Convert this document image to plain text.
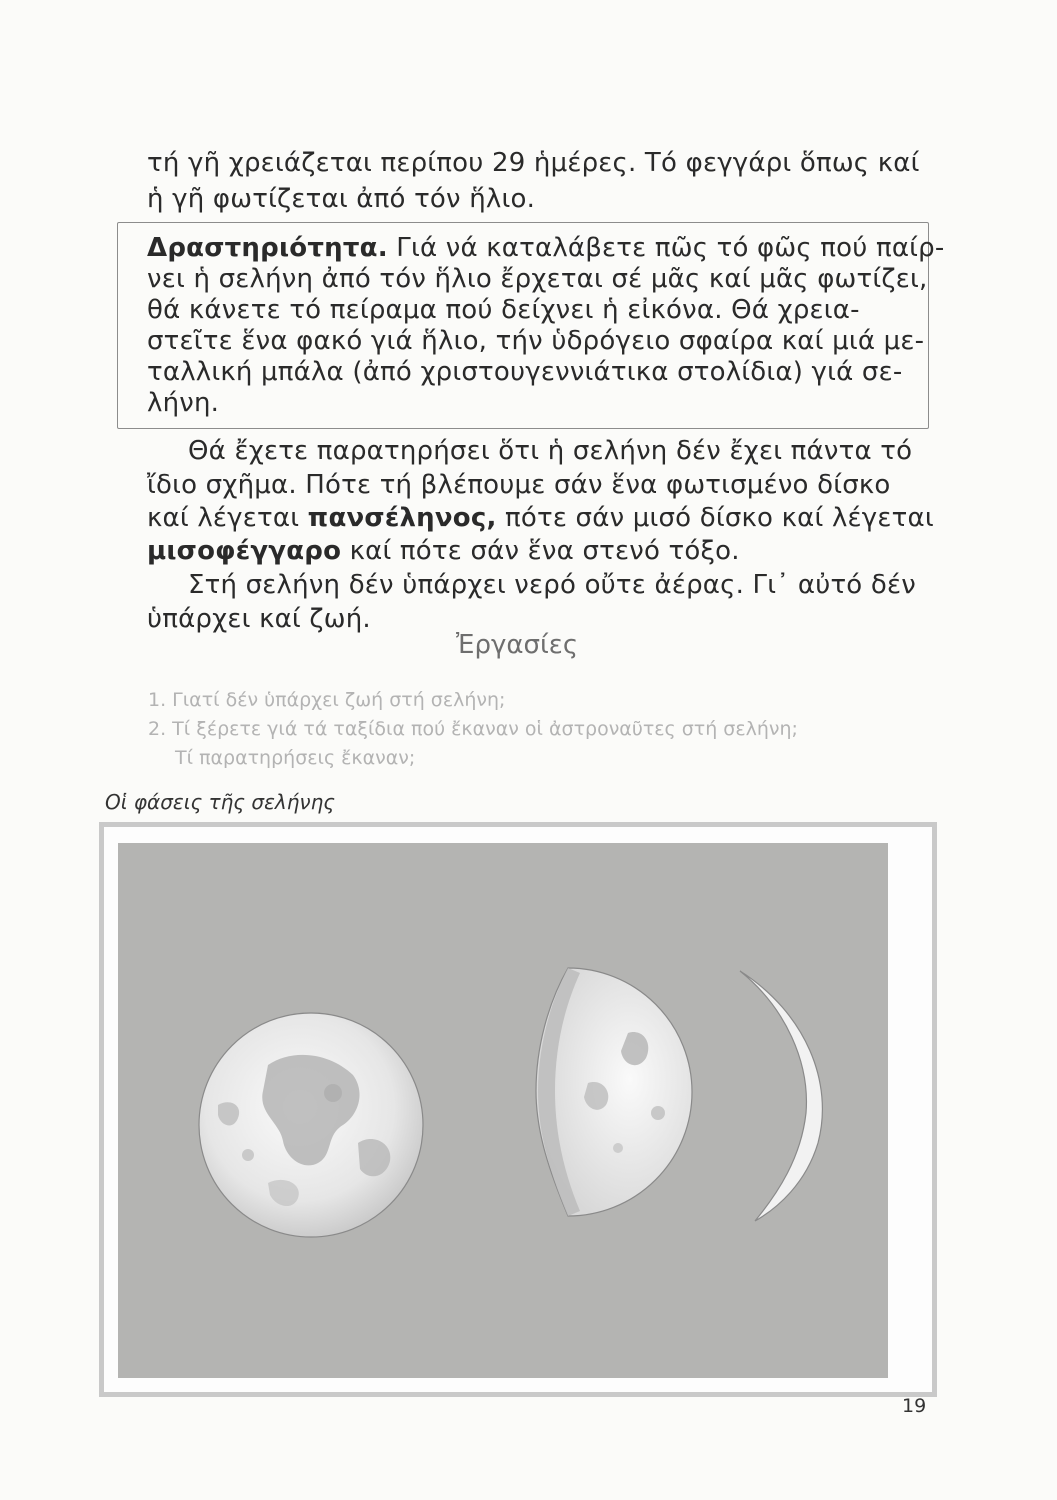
τή γῆ χρειάζεται περίπου 29 ἡμέρες. Τό φεγγάρι ὅπως καί
ἡ γῆ φωτίζεται ἀπό τόν ἥλιο.
Δραστηριότητα. Γιά νά καταλάβετε πῶς τό φῶς πού παίρ-
νει ἡ σελήνη ἀπό τόν ἥλιο ἔρχεται σέ μᾶς καί μᾶς φωτίζει,
θά κάνετε τό πείραμα πού δείχνει ἡ εἰκόνα. Θά χρεια-
στεῖτε ἕνα φακό γιά ἥλιο, τήν ὑδρόγειο σφαίρα καί μιά με-
ταλλική μπάλα (ἀπό χριστουγεννιάτικα στολίδια) γιά σε-
λήνη.
Θά ἔχετε παρατηρήσει ὅτι ἡ σελήνη δέν ἔχει πάντα τό
ἴδιο σχῆμα. Πότε τή βλέπουμε σάν ἕνα φωτισμένο δίσκο
καί λέγεται πανσέληνος, πότε σάν μισό δίσκο καί λέγεται
μισοφέγγαρο καί πότε σάν ἕνα στενό τόξο.
Στή σελήνη δέν ὑπάρχει νερό οὔτε ἀέρας. Γι᾽ αὐτό δέν
ὑπάρχει καί ζωή.
Ἐργασίες
1. Γιατί δέν ὑπάρχει ζωή στή σελήνη;
2. Τί ξέρετε γιά τά ταξίδια πού ἔκαναν οἱ ἀστροναῦτες στή σελήνη;
Τί παρατηρήσεις ἔκαναν;
Οἱ φάσεις τῆς σελήνης
19
